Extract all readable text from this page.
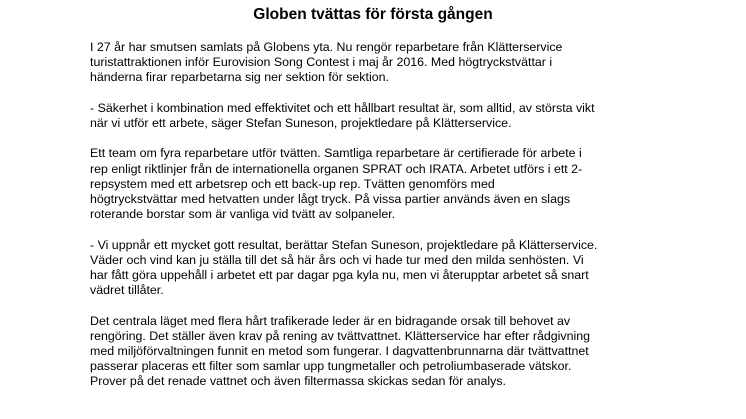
Globen tvättas för första gången

I 27 år har smutsen samlats på Globens yta. Nu rengör reparbetare från Klätterservice
turistattraktionen inför Eurovision Song Contest i maj år 2016. Med högtryckstvättar i
händerna firar reparbetarna sig ner sektion för sektion.

- Säkerhet i kombination med effektivitet och ett hållbart resultat är, som alltid, av största vikt
när vi utför ett arbete, säger Stefan Suneson, projektledare på Klätterservice.

Ett team om fyra reparbetare utför tvätten. Samtliga reparbetare är certifierade för arbete i
rep enligt riktlinjer från de internationella organen SPRAT och IRATA. Arbetet utförs i ett 2-
repsystem med ett arbetsrep och ett back-up rep. Tvätten genomförs med
högtryckstvättar med hetvatten under lågt tryck. På vissa partier används även en slags
roterande borstar som är vanliga vid tvätt av solpaneler.

- Vi uppnår ett mycket gott resultat, berättar Stefan Suneson, projektledare på Klätterservice.
Väder och vind kan ju ställa till det så här års och vi hade tur med den milda senhösten. Vi
har fått göra uppehåll i arbetet ett par dagar pga kyla nu, men vi återupptar arbetet så snart
vädret tillåter.

Det centrala läget med flera hårt trafikerade leder är en bidragande orsak till behovet av
rengöring. Det ställer även krav på rening av tvättvattnet. Klätterservice har efter rådgivning
med miljöförvaltningen funnit en metod som fungerar. I dagvattenbrunnarna där tvättvattnet
passerar placeras ett filter som samlar upp tungmetaller och petroliumbaserade vätskor.
Prover på det renade vattnet och även filtermassa skickas sedan för analys.
